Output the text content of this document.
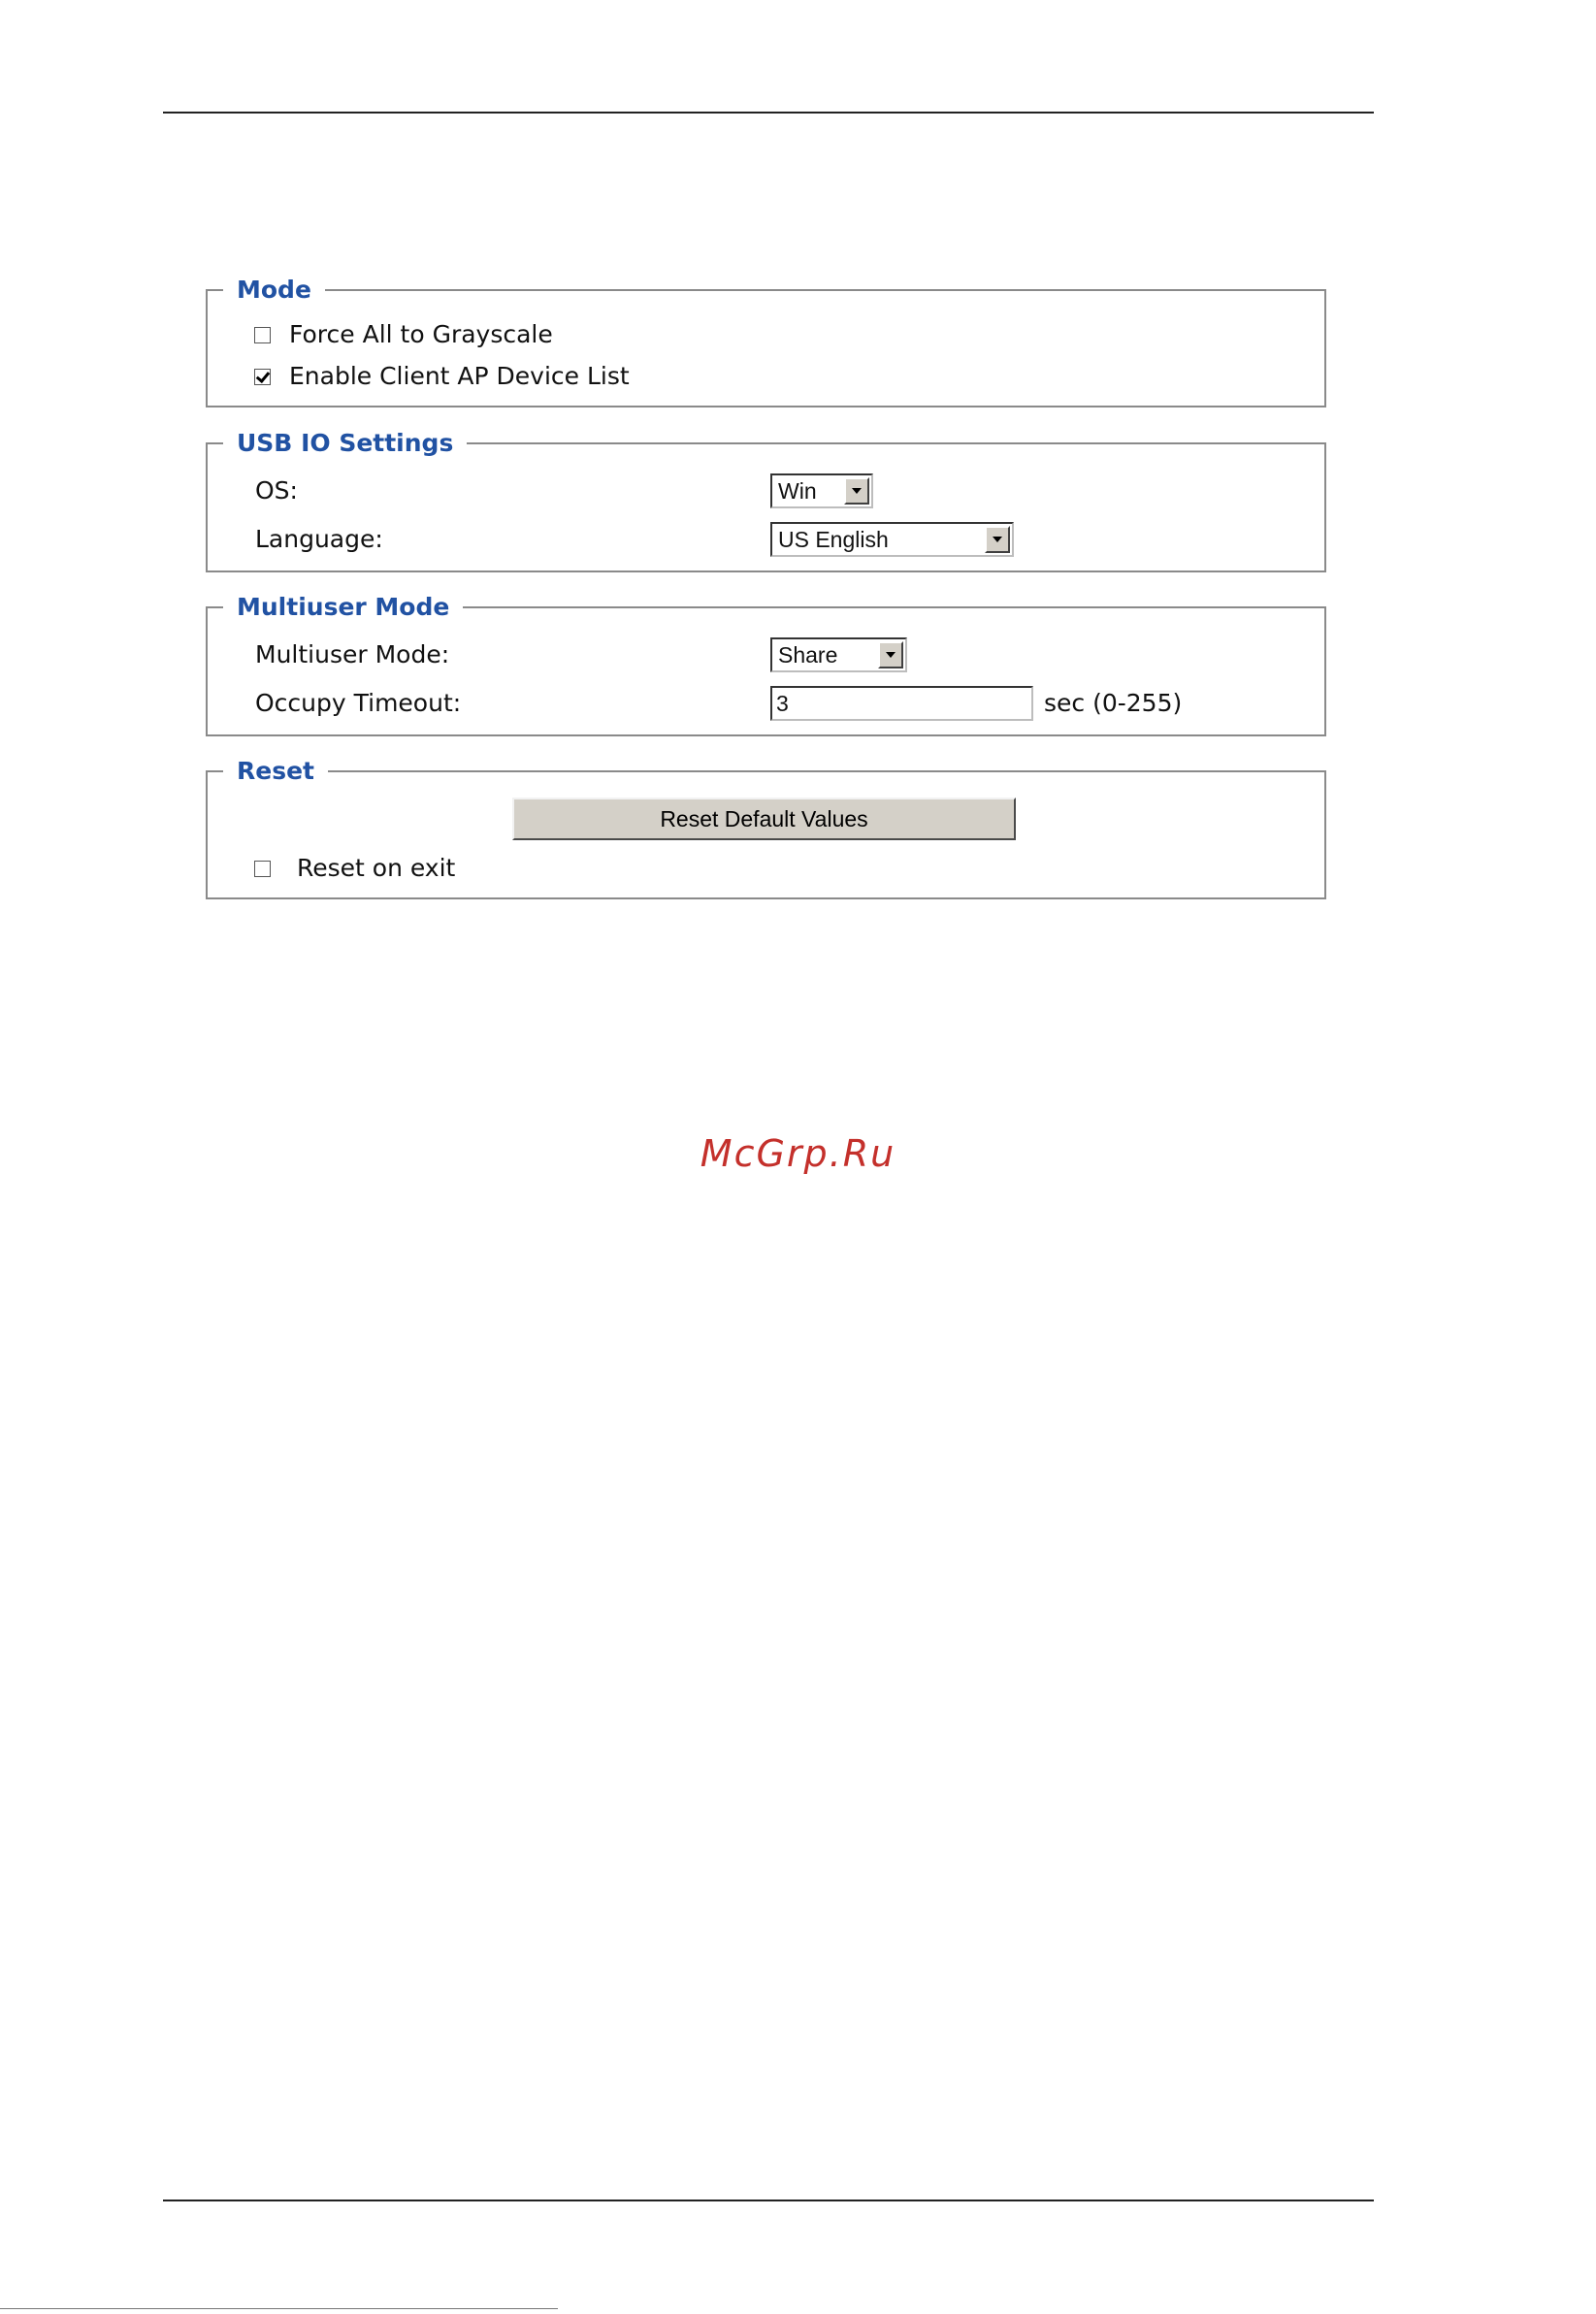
Mode
Force All to Grayscale
Enable Client AP Device List
USB IO Settings
OS:	Win
Language:	US English
Multiuser Mode
Multiuser Mode:	Share
Occupy Timeout:	3	sec (0-255)
Reset
Reset Default Values
Reset on exit
McGrp.Ru
